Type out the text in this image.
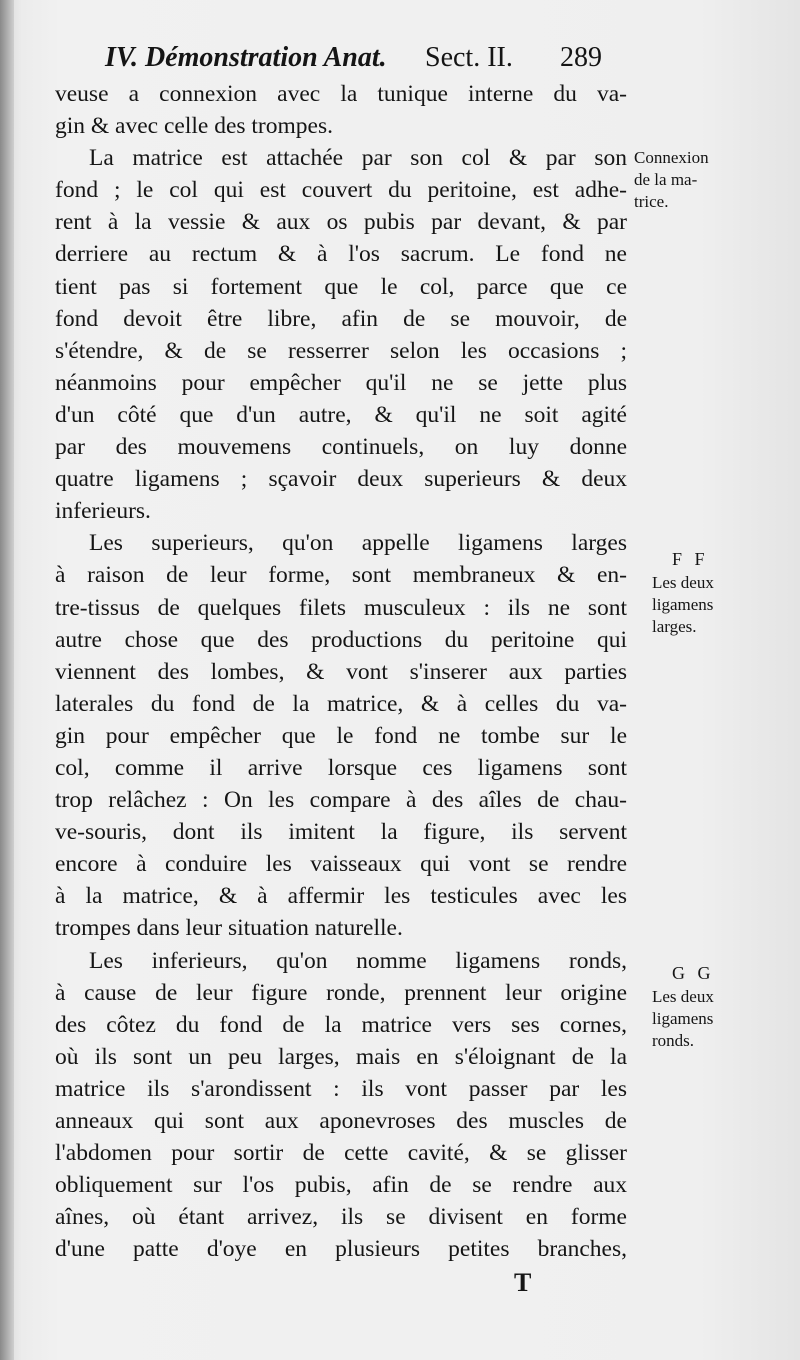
IV. Démonstration Anat. Sect. II. 289
veuse a connexion avec la tunique interne du va-
gin & avec celle des trompes.
La matrice est attachée par son col & par son
fond ; le col qui est couvert du peritoine, est adhe-
rent à la vessie & aux os pubis par devant, & par
derriere au rectum & à l'os sacrum. Le fond ne
tient pas si fortement que le col, parce que ce
fond devoit être libre, afin de se mouvoir, de
s'étendre, & de se resserrer selon les occasions ;
néanmoins pour empêcher qu'il ne se jette plus
d'un côté que d'un autre, & qu'il ne soit agité
par des mouvemens continuels, on luy donne
quatre ligamens ; sçavoir deux superieurs & deux
inferieurs.
Les superieurs, qu'on appelle ligamens larges
à raison de leur forme, sont membraneux & en-
tre-tissus de quelques filets musculeux : ils ne sont
autre chose que des productions du peritoine qui
viennent des lombes, & vont s'inserer aux parties
laterales du fond de la matrice, & à celles du va-
gin pour empêcher que le fond ne tombe sur le
col, comme il arrive lorsque ces ligamens sont
trop relâchez : On les compare à des aîles de chau-
ve-souris, dont ils imitent la figure, ils servent
encore à conduire les vaisseaux qui vont se rendre
à la matrice, & à affermir les testicules avec les
trompes dans leur situation naturelle.
Les inferieurs, qu'on nomme ligamens ronds,
à cause de leur figure ronde, prennent leur origine
des côtez du fond de la matrice vers ses cornes,
où ils sont un peu larges, mais en s'éloignant de la
matrice ils s'arondissent : ils vont passer par les
anneaux qui sont aux aponevroses des muscles de
l'abdomen pour sortir de cette cavité, & se glisser
obliquement sur l'os pubis, afin de se rendre aux
aînes, où étant arrivez, ils se divisent en forme
d'une patte d'oye en plusieurs petites branches,
Connexion
de la ma-
trice.
F F
Les deux
ligamens
larges.
G G
Les deux
ligamens
ronds.
T
